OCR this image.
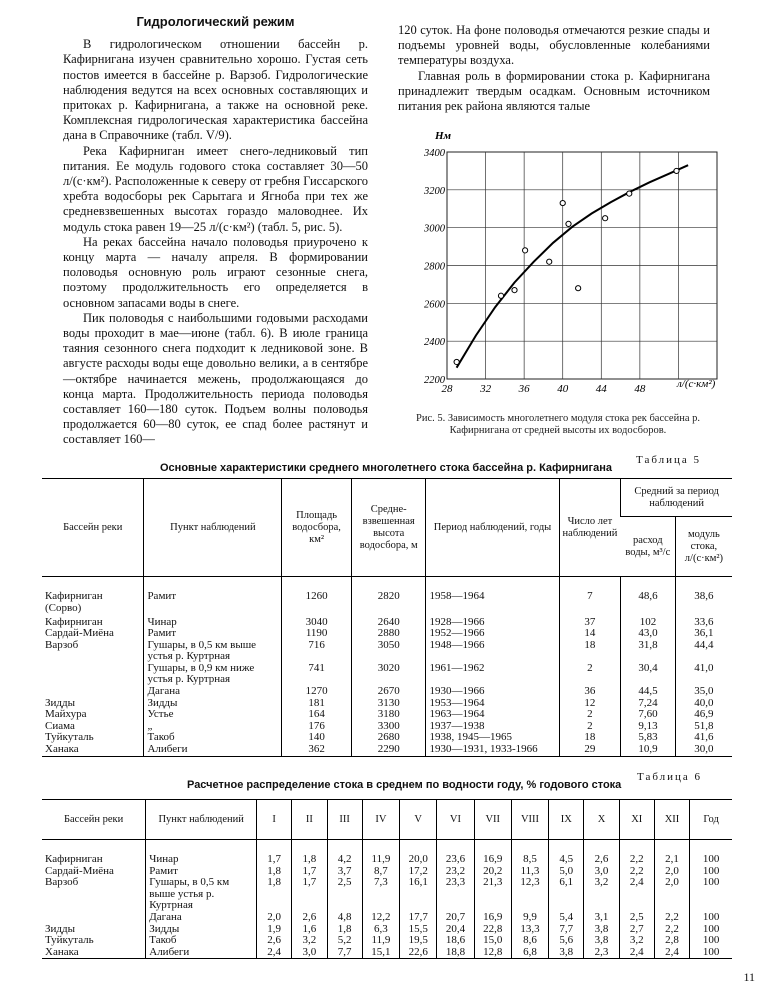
Гидрологический режим

В гидрологическом отношении бассейн р. Кафирнигана изучен сравнительно хорошо. Густая сеть постов имеется в бассейне р. Варзоб. Гидрологические наблюдения ведутся на всех основных составляющих и притоках р. Кафирнигана, а также на основной реке. Комплексная гидрологическая характеристика бассейна дана в Справочнике (табл. V/9).

Река Кафирниган имеет снего-ледниковый тип питания. Ее модуль годового стока составляет 30—50 л/(с·км²). Расположенные к северу от гребня Гиссарского хребта водосборы рек Сарытага и Ягноба при тех же средневзвешенных высотах гораздо маловоднее. Их модуль стока равен 19—25 л/(с·км²) (табл. 5, рис. 5).

На реках бассейна начало половодья приурочено к концу марта — началу апреля. В формировании половодья основную роль играют сезонные снега, поэтому продолжительность его определяется в основном запасами воды в снеге.

Пик половодья с наибольшими годовыми расходами воды проходит в мае—июне (табл. 6). В июле граница таяния сезонного снега подходит к ледниковой зоне. В августе расходы воды еще довольно велики, а в сентябре—октябре начинается межень, продолжающаяся до конца марта. Продолжительность периода половодья составляет 160—180 суток. Подъем волны половодья продолжается 60—80 суток, ее спад более растянут и составляет 160—

120 суток. На фоне половодья отмечаются резкие спады и подъемы уровней воды, обусловленные колебаниями температуры воздуха.

Главная роль в формировании стока р. Кафирнигана принадлежит твердым осадкам. Основным источником питания рек района являются талые

28	32	36	40	44	48
2200
2400
2600
2800
3000
3200
3400
Нм
л/(с·км²)
Рис. 5. Зависимость многолетнего модуля стока рек бассейна р. Кафирнигана от средней высоты их водосборов.
Таблица 5
Основные характеристики среднего многолетнего стока бассейна р. Кафирнигана
Бассейн реки	Пункт наблюдений	Площадь водосбора, км²	Средне-взвешенная высота водосбора, м	Период наблюдений, годы	Число лет наблюдений	Средний за период наблюдений	
						расход воды, м³/с	модуль стока, л/(с·км²)
Кафирниган (Сорво)	Рамит	1260	2820	1958—1964	7	48,6	38,6
Кафирниган	Чинар	3040	2640	1928—1966	37	102	33,6
Сардай-Миёна	Рамит	1190	2880	1952—1966	14	43,0	36,1
Варзоб	Гушары, в 0,5 км выше устья р. Куртрная	716	3050	1948—1966	18	31,8	44,4
	Гушары, в 0,9 км ниже устья р. Куртрная	741	3020	1961—1962	2	30,4	41,0
	Дагана	1270	2670	1930—1966	36	44,5	35,0
Зидды	Зидды	181	3130	1953—1964	12	7,24	40,0
Майхура	Устье	164	3180	1963—1964	2	7,60	46,9
Сиама	„	176	3300	1937—1938	2	9,13	51,8
Туйкуталь	Такоб	140	2680	1938, 1945—1965	18	5,83	41,6
Ханака	Алибеги	362	2290	1930—1931, 1933-1966	29	10,9	30,0
Таблица 6
Расчетное распределение стока в среднем по водности году, % годового стока
Бассейн реки	Пункт наблюдений	I	II	III	IV	V	VI	VII	VIII	IX	X	XI	XII	Год
Кафирниган	Чинар	1,7	1,8	4,2	11,9	20,0	23,6	16,9	8,5	4,5	2,6	2,2	2,1	100
Сардай-Миёна	Рамит	1,8	1,7	3,7	8,7	17,2	23,2	20,2	11,3	5,0	3,0	2,2	2,0	100
Варзоб	Гушары, в 0,5 км выше устья р. Куртрная	1,8	1,7	2,5	7,3	16,1	23,3	21,3	12,3	6,1	3,2	2,4	2,0	100
	Дагана	2,0	2,6	4,8	12,2	17,7	20,7	16,9	9,9	5,4	3,1	2,5	2,2	100
Зидды	Зидды	1,9	1,6	1,8	6,3	15,5	20,4	22,8	13,3	7,7	3,8	2,7	2,2	100
Туйкуталь	Такоб	2,6	3,2	5,2	11,9	19,5	18,6	15,0	8,6	5,6	3,8	3,2	2,8	100
Ханака	Алибеги	2,4	3,0	7,7	15,1	22,6	18,8	12,8	6,8	3,8	2,3	2,4	2,4	100
11
